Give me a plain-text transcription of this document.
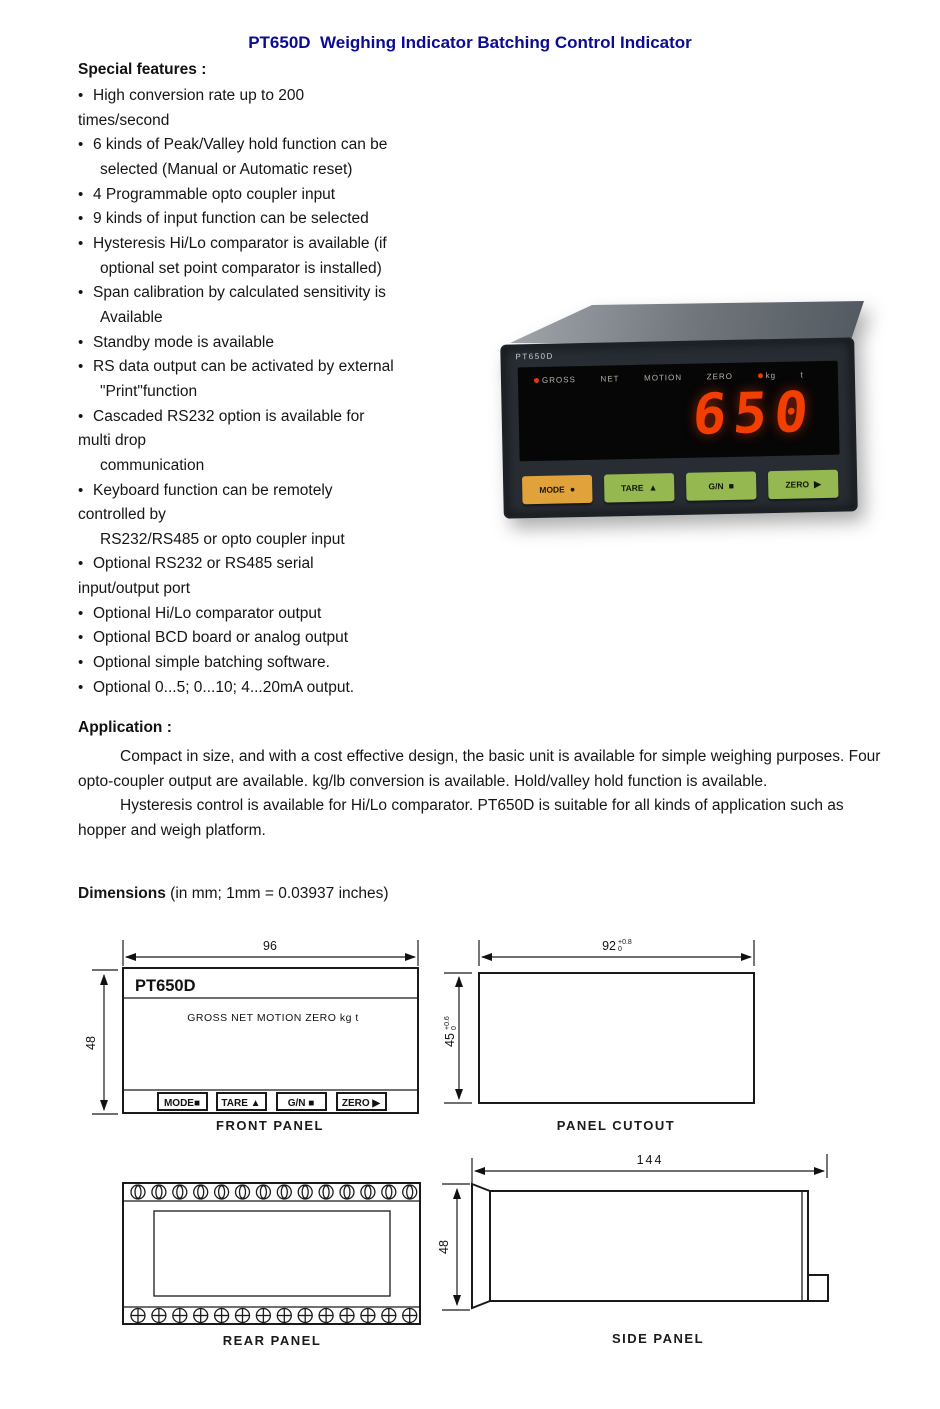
PT650D  Weighing Indicator Batching Control Indicator
Special features :
• High conversion rate up to 200
times/second
• 6 kinds of Peak/Valley hold function can be
selected (Manual or Automatic reset)
• 4 Programmable opto coupler input
• 9 kinds of input function can be selected
• Hysteresis Hi/Lo comparator is available (if
optional set point comparator is installed)
• Span calibration by calculated sensitivity is
Available
• Standby mode is available
• RS data output can be activated by external
"Print"function
• Cascaded RS232 option is available for
multi drop
communication
• Keyboard function can be remotely
controlled by
RS232/RS485 or opto coupler input
• Optional RS232 or RS485 serial
input/output port
• Optional Hi/Lo comparator output
• Optional BCD board or analog output
• Optional simple batching software.
• Optional 0...5; 0...10; 4...20mA output.
PT650D
GROSS	NET	MOTION	ZERO	kg	t
650
MODE ●	TARE ▲	G/N ■	ZERO ▶
Application :

Compact in size, and with a cost effective design, the basic unit is available for simple weighing purposes. Four opto-coupler output are available. kg/lb conversion is available. Hold/valley hold function is available.

Hysteresis control is available for Hi/Lo comparator. PT650D is suitable for all kinds of application such as hopper and weigh platform.

Dimensions (in mm; 1mm = 0.03937 inches)
96
48
PT650D
GROSS NET MOTION ZERO kg t
MODE■ TARE ▲	G/N ■	ZERO ▶
FRONT PANEL
92 +0.8
0
45
+0.6 0
PANEL CUTOUT
REAR PANEL
144
48
SIDE PANEL
